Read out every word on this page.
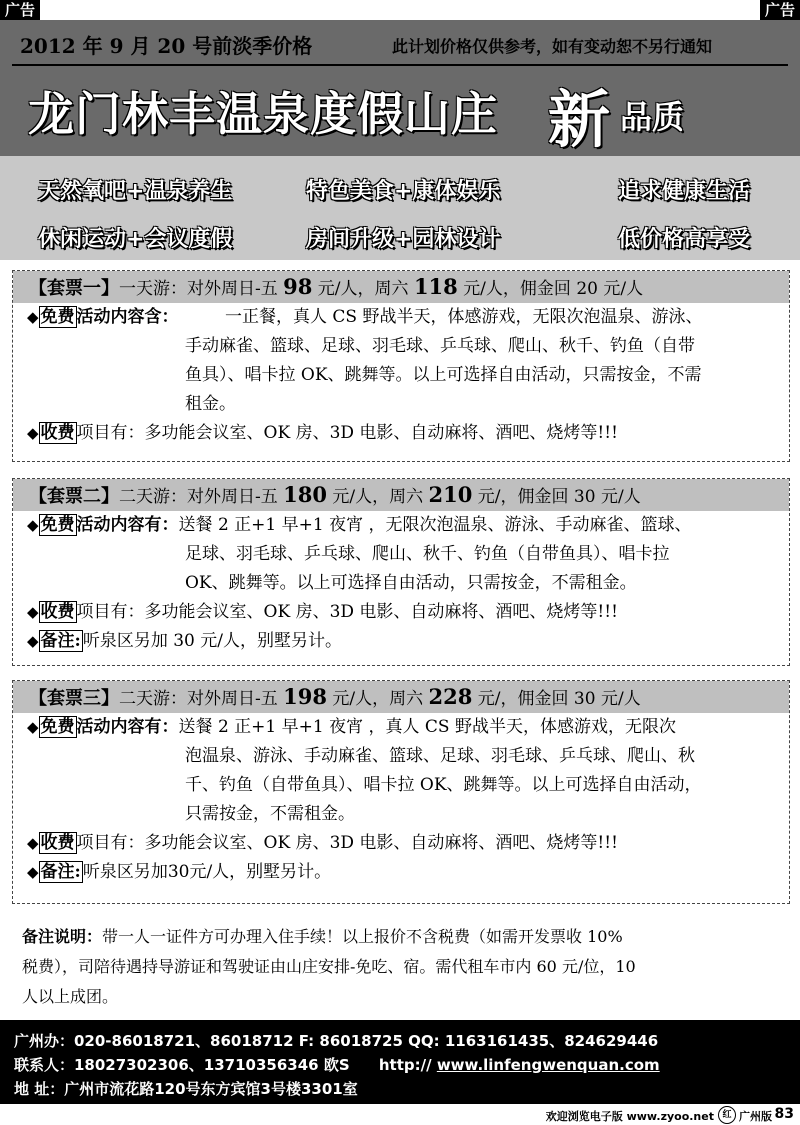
广告	广告
2012 年 9 月 20 号前淡季价格	此计划价格仅供参考，如有变动恕不另行通知
龙门林丰温泉度假山庄 新 品质
天然氧吧+温泉养生	特色美食+康体娱乐	追求健康生活
休闲运动+会议度假	房间升级+园林设计	低价格高享受
【套票一】一天游：对外周日-五 98 元/人，周六 118 元/人，佣金回 20 元/人
◆ 免费 活动内容含：	一正餐，真人 CS 野战半天，体感游戏，无限次泡温泉、游泳、
手动麻雀、篮球、足球、羽毛球、乒乓球、爬山、秋千、钓鱼（自带
鱼具）、唱卡拉 OK、跳舞等。以上可选择自由活动，只需按金，不需
租金。
◆ 收费 项目有：多功能会议室、OK 房、3D 电影、自动麻将、酒吧、烧烤等!!!
【套票二】二天游：对外周日-五 180 元/人，周六 210 元/，佣金回 30 元/人
◆ 免费 活动内容有：送餐 2 正+1 早+1 夜宵 ，无限次泡温泉、游泳、手动麻雀、篮球、
足球、羽毛球、乒乓球、爬山、秋千、钓鱼（自带鱼具）、唱卡拉
OK、跳舞等。以上可选择自由活动，只需按金，不需租金。
◆ 收费 项目有：多功能会议室、OK 房、3D 电影、自动麻将、酒吧、烧烤等!!!
◆ 备注: 听泉区另加 30 元/人，别墅另计。
【套票三】二天游：对外周日-五 198 元/人，周六 228 元/，佣金回 30 元/人
◆ 免费 活动内容有：送餐 2 正+1 早+1 夜宵 ，真人 CS 野战半天，体感游戏，无限次
泡温泉、游泳、手动麻雀、篮球、足球、羽毛球、乒乓球、爬山、秋
千、钓鱼（自带鱼具）、唱卡拉 OK、跳舞等。以上可选择自由活动，
只需按金，不需租金。
◆ 收费 项目有：多功能会议室、OK 房、3D 电影、自动麻将、酒吧、烧烤等!!!
◆ 备注: 听泉区另加30元/人，别墅另计。
备注说明：带一人一证件方可办理入住手续！以上报价不含税费（如需开发票收 10%
税费），司陪待遇持导游证和驾驶证由山庄安排-免吃、宿。需代租车市内 60 元/位，10
人以上成团。
广州办：020-86018721、86018712 F: 86018725 QQ: 1163161435、824629446
联系人：18027302306、13710356346 欧S http:// www.linfengwenquan.com
地 址：广州市流花路120号东方宾馆3号楼3301室
欢迎浏览电子版 www.zyoo.net 红 广州版 83
